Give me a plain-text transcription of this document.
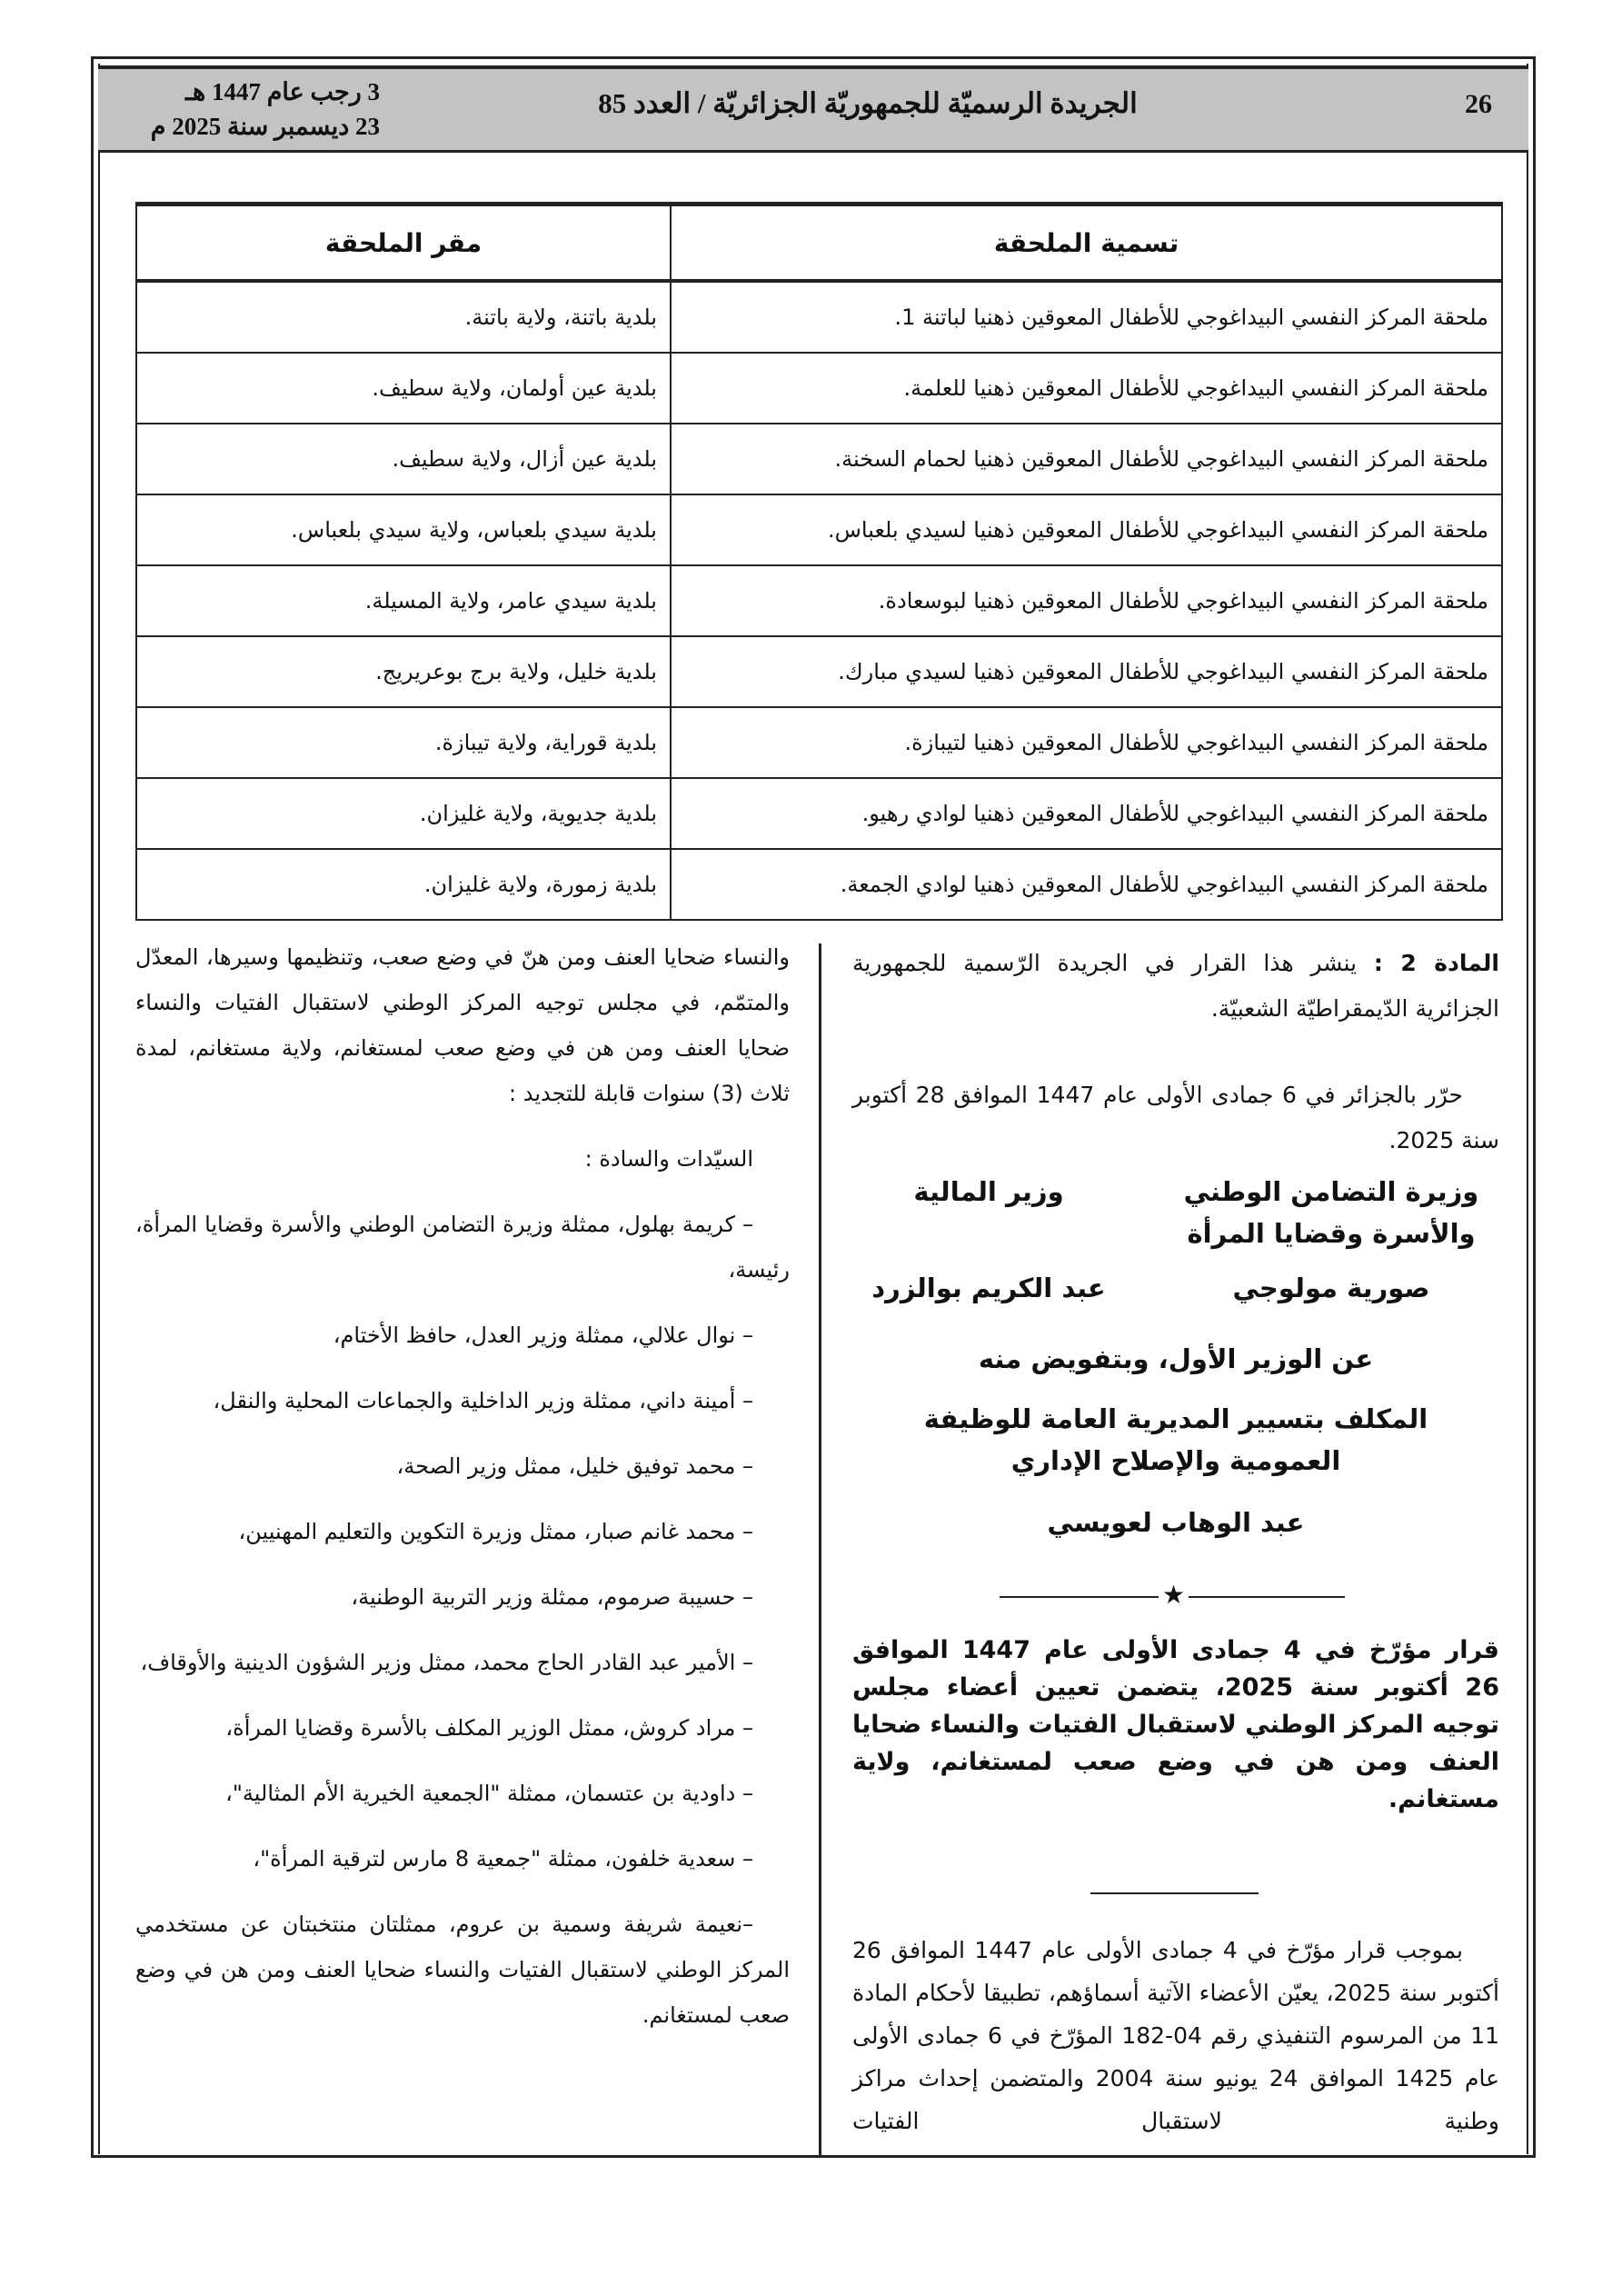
26
الجريدة الرسميّة للجمهوريّة الجزائريّة / العدد 85
3 رجب عام 1447 هـ
23 ديسمبر سنة 2025 م
تسمية الملحقة	مقر الملحقة
ملحقة المركز النفسي البيداغوجي للأطفال المعوقين ذهنيا لباتنة 1.	بلدية باتنة، ولاية باتنة.
ملحقة المركز النفسي البيداغوجي للأطفال المعوقين ذهنيا للعلمة.	بلدية عين أولمان، ولاية سطيف.
ملحقة المركز النفسي البيداغوجي للأطفال المعوقين ذهنيا لحمام السخنة.	بلدية عين أزال، ولاية سطيف.
ملحقة المركز النفسي البيداغوجي للأطفال المعوقين ذهنيا لسيدي بلعباس.	بلدية سيدي بلعباس، ولاية سيدي بلعباس.
ملحقة المركز النفسي البيداغوجي للأطفال المعوقين ذهنيا لبوسعادة.	بلدية سيدي عامر، ولاية المسيلة.
ملحقة المركز النفسي البيداغوجي للأطفال المعوقين ذهنيا لسيدي مبارك.	بلدية خليل، ولاية برج بوعريريج.
ملحقة المركز النفسي البيداغوجي للأطفال المعوقين ذهنيا لتيبازة.	بلدية قوراية، ولاية تيبازة.
ملحقة المركز النفسي البيداغوجي للأطفال المعوقين ذهنيا لوادي رهيو.	بلدية جديوية، ولاية غليزان.
ملحقة المركز النفسي البيداغوجي للأطفال المعوقين ذهنيا لوادي الجمعة.	بلدية زمورة، ولاية غليزان.
المادة 2 : ينشر هذا القرار في الجريدة الرّسمية للجمهورية الجزائرية الدّيمقراطيّة الشعبيّة.
حرّر بالجزائر في 6 جمادى الأولى عام 1447 الموافق 28 أكتوبر سنة 2025.
وزيرة التضامن الوطني والأسرة وقضايا المرأة
صورية مولوجي
وزير المالية
عبد الكريم بوالزرد
عن الوزير الأول، وبتفويض منه
المكلف بتسيير المديرية العامة للوظيفة العمومية والإصلاح الإداري
عبد الوهاب لعويسي
★
قرار مؤرّخ في 4 جمادى الأولى عام 1447 الموافق 26 أكتوبر سنة 2025، يتضمن تعيين أعضاء مجلس توجيه المركز الوطني لاستقبال الفتيات والنساء ضحايا العنف ومن هن في وضع صعب لمستغانم، ولاية مستغانم.
بموجب قرار مؤرّخ في 4 جمادى الأولى عام 1447 الموافق 26 أكتوبر سنة 2025، يعيّن الأعضاء الآتية أسماؤهم، تطبيقا لأحكام المادة 11 من المرسوم التنفيذي رقم 04-182 المؤرّخ في 6 جمادى الأولى عام 1425 الموافق 24 يونيو سنة 2004 والمتضمن إحداث مراكز وطنية لاستقبال الفتيات

والنساء ضحايا العنف ومن هنّ في وضع صعب، وتنظيمها وسيرها، المعدّل والمتمّم، في مجلس توجيه المركز الوطني لاستقبال الفتيات والنساء ضحايا العنف ومن هن في وضع صعب لمستغانم، ولاية مستغانم، لمدة ثلاث (3) سنوات قابلة للتجديد :

السيّدات والسادة :

– كريمة بهلول، ممثلة وزيرة التضامن الوطني والأسرة وقضايا المرأة، رئيسة،

– نوال علالي، ممثلة وزير العدل، حافظ الأختام،

– أمينة داني، ممثلة وزير الداخلية والجماعات المحلية والنقل،

– محمد توفيق خليل، ممثل وزير الصحة،

– محمد غانم صبار، ممثل وزيرة التكوين والتعليم المهنيين،

– حسيبة صرموم، ممثلة وزير التربية الوطنية،

– الأمير عبد القادر الحاج محمد، ممثل وزير الشؤون الدينية والأوقاف،

– مراد كروش، ممثل الوزير المكلف بالأسرة وقضايا المرأة،

– داودية بن عتسمان، ممثلة "الجمعية الخيرية الأم المثالية"،

– سعدية خلفون، ممثلة "جمعية 8 مارس لترقية المرأة"،

–نعيمة شريفة وسمية بن عروم، ممثلتان منتخبتان عن مستخدمي المركز الوطني لاستقبال الفتيات والنساء ضحايا العنف ومن هن في وضع صعب لمستغانم.
